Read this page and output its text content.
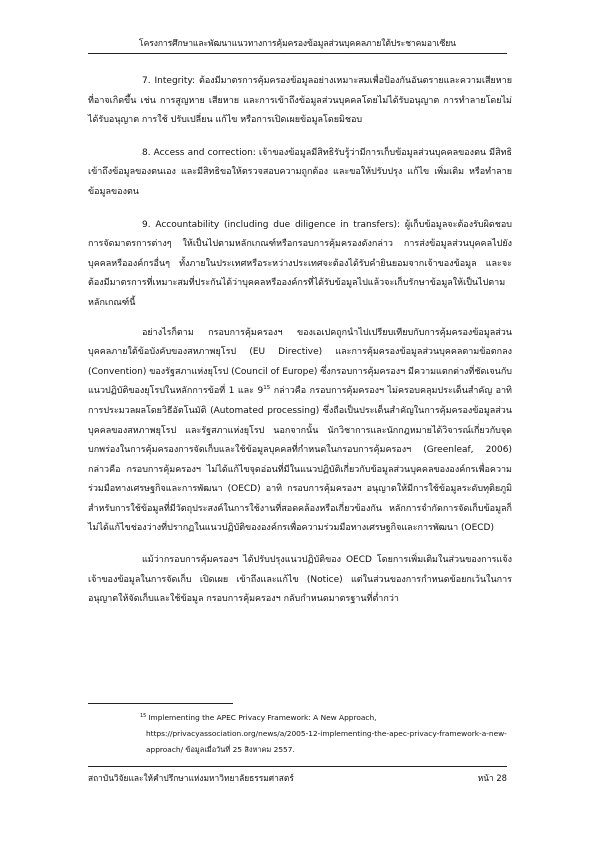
โครงการศึกษาและพัฒนาแนวทางการคุ้มครองข้อมูลส่วนบุคคลภายใต้ประชาคมอาเซียน

7. Integrity: ต้องมีมาตรการคุ้มครองข้อมูลอย่างเหมาะสมเพื่อป้องกันอันตรายและความเสียหายที่อาจเกิดขึ้น เช่น การสูญหาย เสียหาย และการเข้าถึงข้อมูลส่วนบุคคลโดยไม่ได้รับอนุญาต การทำลายโดยไม่ได้รับอนุญาต การใช้ ปรับเปลี่ยน แก้ไข หรือการเปิดเผยข้อมูลโดยมิชอบ

8. Access and correction: เจ้าของข้อมูลมีสิทธิรับรู้ว่ามีการเก็บข้อมูลส่วนบุคคลของตน มีสิทธิเข้าถึงข้อมูลของตนเอง และมีสิทธิขอให้ตรวจสอบความถูกต้อง และขอให้ปรับปรุง แก้ไข เพิ่มเติม หรือทำลายข้อมูลของตน

9. Accountability (including due diligence in transfers): ผู้เก็บข้อมูลจะต้องรับผิดชอบการจัดมาตรการต่างๆ ให้เป็นไปตามหลักเกณฑ์หรือกรอบการคุ้มครองดังกล่าว การส่งข้อมูลส่วนบุคคลไปยังบุคคลหรือองค์กรอื่นๆ ทั้งภายในประเทศหรือระหว่างประเทศจะต้องได้รับคำยินยอมจากเจ้าของข้อมูล และจะต้องมีมาตรการที่เหมาะสมที่ประกันได้ว่าบุคคลหรือองค์กรที่ได้รับข้อมูลไปแล้วจะเก็บรักษาข้อมูลให้เป็นไปตามหลักเกณฑ์นี้

อย่างไรก็ตาม กรอบการคุ้มครองฯ ของเอเปคถูกนำไปเปรียบเทียบกับการคุ้มครองข้อมูลส่วนบุคคลภายใต้ข้อบังคับของสหภาพยุโรป (EU Directive) และการคุ้มครองข้อมูลส่วนบุคคลตามข้อตกลง (Convention) ของรัฐสภาแห่งยุโรป (Council of Europe) ซึ่งกรอบการคุ้มครองฯ มีความแตกต่างที่ชัดเจนกับแนวปฏิบัติของยุโรปในหลักการข้อที่ 1 และ $9^{15}$ กล่าวคือ กรอบการคุ้มครองฯ ไม่ครอบคลุมประเด็นสำคัญ อาทิ การประมวลผลโดยวิธีอัตโนมัติ (Automated processing) ซึ่งถือเป็นประเด็นสำคัญในการคุ้มครองข้อมูลส่วนบุคคลของสหภาพยุโรป และรัฐสภาแห่งยุโรป นอกจากนั้น นักวิชาการและนักกฎหมายได้วิจารณ์เกี่ยวกับจุดบกพร่องในการคุ้มครองการจัดเก็บและใช้ข้อมูลบุคคลที่กำหนดในกรอบการคุ้มครองฯ (Greenleaf, 2006) กล่าวคือ กรอบการคุ้มครองฯ ไม่ได้แก้ไขจุดอ่อนที่มีในแนวปฏิบัติเกี่ยวกับข้อมูลส่วนบุคคลขององค์กรเพื่อความร่วมมือทางเศรษฐกิจและการพัฒนา (OECD) อาทิ กรอบการคุ้มครองฯ อนุญาตให้มีการใช้ข้อมูลระดับทุติยภูมิสำหรับการใช้ข้อมูลที่มีวัตถุประสงค์ในการใช้งานที่สอดคล้องหรือเกี่ยวข้องกัน หลักการจำกัดการจัดเก็บข้อมูลก็ไม่ได้แก้ไขช่องว่างที่ปรากฏในแนวปฏิบัติขององค์กรเพื่อความร่วมมือทางเศรษฐกิจและการพัฒนา (OECD)

แม้ว่ากรอบการคุ้มครองฯ ได้ปรับปรุงแนวปฏิบัติของ OECD โดยการเพิ่มเติมในส่วนของการแจ้งเจ้าของข้อมูลในการจัดเก็บ เปิดเผย เข้าถึงและแก้ไข (Notice) แต่ในส่วนของการกำหนดข้อยกเว้นในการอนุญาตให้จัดเก็บและใช้ข้อมูล กรอบการคุ้มครองฯ กลับกำหนดมาตรฐานที่ต่ำกว่า

$^{15}$ Implementing the APEC Privacy Framework: A New Approach,
https://privacyassociation.org/news/a/2005-12-implementing-the-apec-privacy-framework-a-new-approach/ ข้อมูลเมื่อวันที่ 25 สิงหาคม 2557.
สถาบันวิจัยและให้คำปรึกษาแห่งมหาวิทยาลัยธรรมศาสตร์	หน้า 28
